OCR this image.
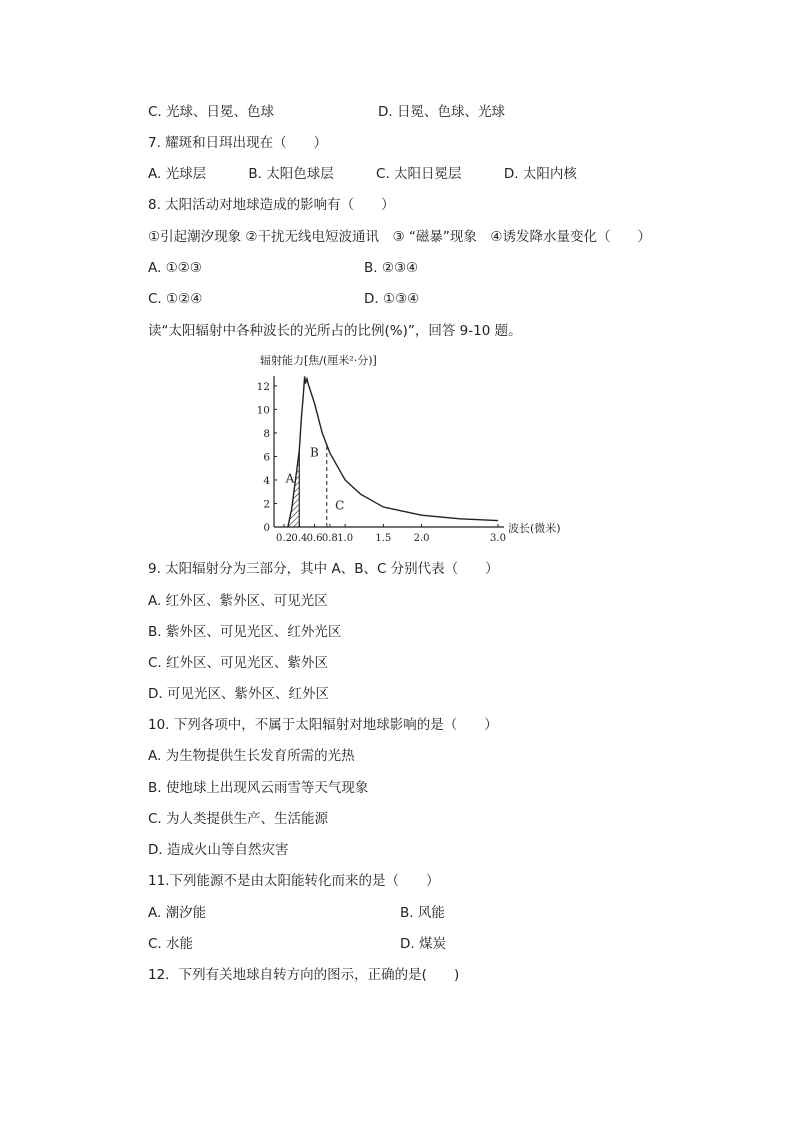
C. 光球、日冕、色球	D. 日冕、色球、光球
7. 耀斑和日珥出现在（　　）
A. 光球层	B. 太阳色球层	C. 太阳日冕层	D. 太阳内核
8. 太阳活动对地球造成的影响有（　　）
①引起潮汐现象 ②干扰无线电短波通讯　③ “磁暴”现象　④诱发降水量变化（　　）
A. ①②③	B. ②③④
C. ①②④	D. ①③④
读“太阳辐射中各种波长的光所占的比例(%)”，回答 9-10 题。
辐射能力[焦/(厘米²·分)]
波长(微米)
0
2
4
6
8
10
12
0.2 0.4 0.6 0.8 1.0 1.5 2.0	3.0
A
B
C
9. 太阳辐射分为三部分，其中 A、B、C 分别代表（　　）
A. 红外区、紫外区、可见光区
B. 紫外区、可见光区、红外光区
C. 红外区、可见光区、紫外区
D. 可见光区、紫外区、红外区
10. 下列各项中，不属于太阳辐射对地球影响的是（　　）
A. 为生物提供生长发育所需的光热
B. 使地球上出现风云雨雪等天气现象
C. 为人类提供生产、生活能源
D. 造成火山等自然灾害
11.下列能源不是由太阳能转化而来的是（　　）
A. 潮汐能	B. 风能
C. 水能	D. 煤炭
12．下列有关地球自转方向的图示，正确的是(　　)
